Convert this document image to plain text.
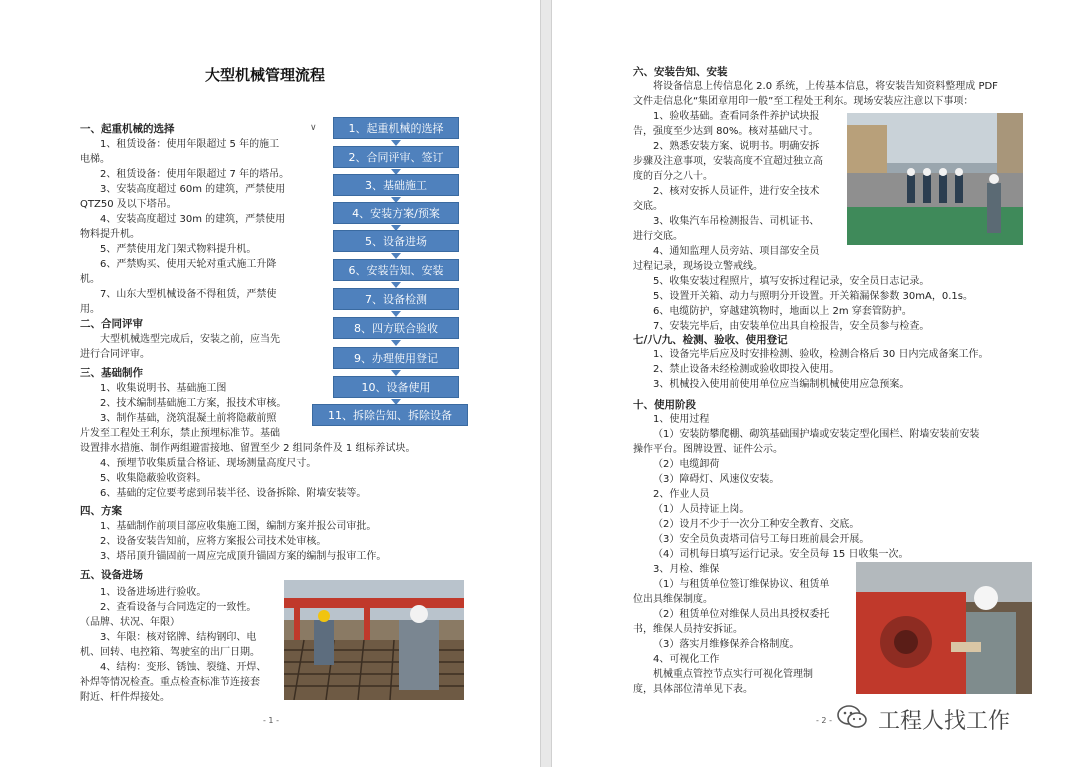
大型机械管理流程
一、起重机械的选择
1、租赁设备：使用年限超过 5 年的施工
电梯。
2、租赁设备：使用年限超过 7 年的塔吊。
3、安装高度超过 60m 的建筑，严禁使用
QTZ50 及以下塔吊。
4、安装高度超过 30m 的建筑，严禁使用
物料提升机。
5、严禁使用龙门架式物料提升机。
6、严禁购买、使用天轮对重式施工升降
机。
7、山东大型机械设备不得租赁，严禁使
用。
二、合同评审
大型机械选型完成后，安装之前，应当先
进行合同评审。
三、基础制作
1、收集说明书、基础施工图
2、技术编制基础施工方案，报技术审核。
3、制作基础，浇筑混凝土前将隐蔽前照
片发至工程处王利东，禁止预埋标准节。基础
设置排水措施、制作两组避雷接地、留置至少 2 组同条件及 1 组标养试块。
4、预埋节收集质量合格证、现场测量高度尺寸。
5、收集隐蔽验收资料。
6、基础的定位要考虑到吊装半径、设备拆除、附墙安装等。
四、方案
1、基础制作前项目部应收集施工图，编制方案并报公司审批。
2、设备安装告知前，应将方案报公司技术处审核。
3、塔吊顶升锚固前一周应完成顶升锚固方案的编制与报审工作。
五、设备进场
1、设备进场进行验收。
2、查看设备与合同选定的一致性。
（品牌、状况、年限）
3、年限：核对铭牌、结构钢印、电
机、回转、电控箱、驾驶室的出厂日期。
4、结构：变形、锈蚀、裂缝、开焊、
补焊等情况检查。重点检查标准节连接套
附近、杆件焊接处。
∨	1、起重机械的选择
2、合同评审、签订
3、基础施工
4、安装方案/预案
5、设备进场
6、安装告知、安装
7、设备检测
8、四方联合验收
9、办理使用登记
10、设备使用
11、拆除告知、拆除设备
- 1 -
六、安装告知、安装
将设备信息上传信息化 2.0 系统，上传基本信息，将安装告知资料整理成 PDF
文件走信息化“集团章用印一般”至工程处王利东。现场安装应注意以下事项：
1、验收基础。查看同条件养护试块报
告，强度至少达到 80%。核对基础尺寸。
2、熟悉安装方案、说明书。明确安拆
步骤及注意事项，安装高度不宜超过独立高
度的百分之八十。
2、核对安拆人员证件，进行安全技术
交底。
3、收集汽车吊检测报告、司机证书、
进行交底。
4、通知监理人员旁站、项目部安全员
过程记录，现场设立警戒线。
5、收集安装过程照片，填写安拆过程记录，安全员日志记录。
5、设置开关箱、动力与照明分开设置。开关箱漏保参数 30mA，0.1s。
6、电缆防护，穿越建筑物时，地面以上 2m 穿套管防护。
7、安装完毕后，由安装单位出具自检报告，安全员参与检查。
七/八/九、检测、验收、使用登记
1、设备完毕后应及时安排检测、验收，检测合格后 30 日内完成备案工作。
2、禁止设备未经检测或验收即投入使用。
3、机械投入使用前使用单位应当编制机械使用应急预案。
十、使用阶段
1、使用过程
（1）安装防攀爬棚、砌筑基础围护墙或安装定型化围栏、附墙安装前安装
操作平台。图牌设置、证件公示。
（2）电缆卸荷
（3）障碍灯、风速仪安装。
2、作业人员
（1）人员持证上岗。
（2）设月不少于一次分工种安全教育、交底。
（3）安全员负责塔司信号工每日班前晨会开展。
（4）司机每日填写运行记录。安全员每 15 日收集一次。
3、月检、维保
（1）与租赁单位签订维保协议、租赁单
位出具维保制度。
（2）租赁单位对维保人员出具授权委托
书，维保人员持安拆证。
（3）落实月维修保养合格制度。
4、可视化工作
机械重点管控节点实行可视化管理制
度，具体部位清单见下表。
- 2 - 工程人找工作
